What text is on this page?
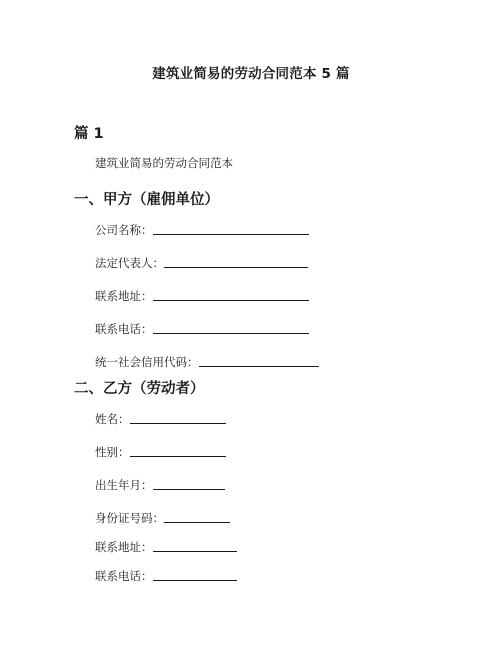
建筑业简易的劳动合同范本 5 篇
篇 1
建筑业简易的劳动合同范本
一、甲方（雇佣单位）
公司名称：
法定代表人：
联系地址：
联系电话：
统一社会信用代码：
二、乙方（劳动者）
姓名：
性别：
出生年月：
身份证号码：
联系地址：
联系电话：
